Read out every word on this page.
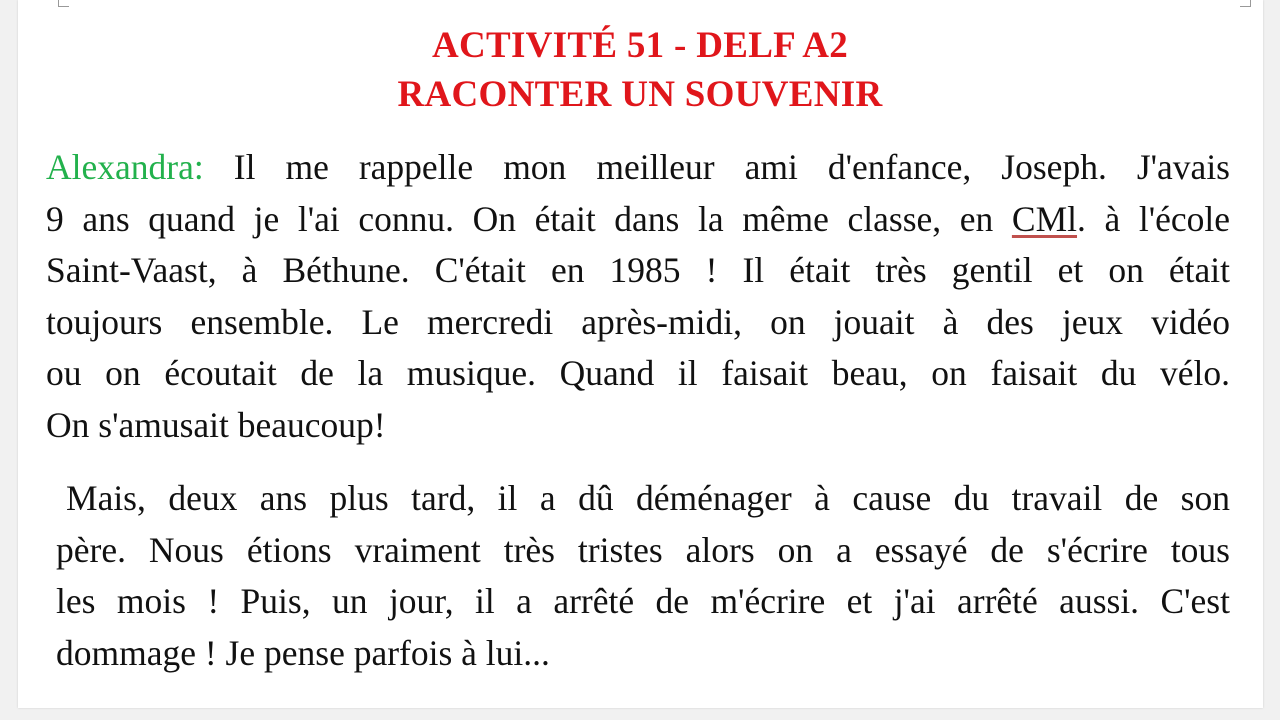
ACTIVITÉ 51 - DELF A2
RACONTER UN SOUVENIR
Alexandra: Il me rappelle mon meilleur ami d'enfance, Joseph. J'avais
9 ans quand je l'ai connu. On était dans la même classe, en CMl. à l'école
Saint-Vaast, à Béthune. C'était en 1985 ! Il était très gentil et on était
toujours ensemble. Le mercredi après-midi, on jouait à des jeux vidéo
ou on écoutait de la musique. Quand il faisait beau, on faisait du vélo.
On s'amusait beaucoup!
Mais, deux ans plus tard, il a dû déménager à cause du travail de son
père. Nous étions vraiment très tristes alors on a essayé de s'écrire tous
les mois ! Puis, un jour, il a arrêté de m'écrire et j'ai arrêté aussi. C'est
dommage ! Je pense parfois à lui...
